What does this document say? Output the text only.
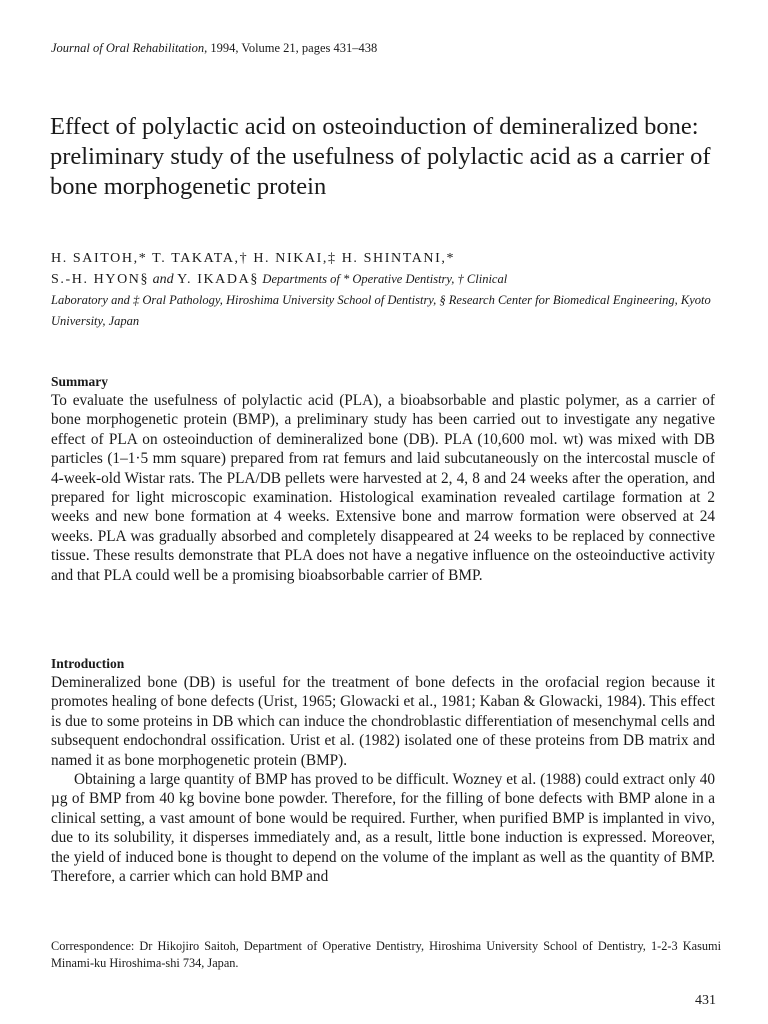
Journal of Oral Rehabilitation, 1994, Volume 21, pages 431–438
Effect of polylactic acid on osteoinduction of demineralized bone: preliminary study of the usefulness of polylactic acid as a carrier of bone morphogenetic protein
H. SAITOH,* T. TAKATA,† H. NIKAI,‡ H. SHINTANI,*
S.-H. HYON§ and Y. IKADA§ Departments of * Operative Dentistry, † Clinical
Laboratory and ‡ Oral Pathology, Hiroshima University School of Dentistry, § Research Center for Biomedical Engineering, Kyoto University, Japan
Summary

To evaluate the usefulness of polylactic acid (PLA), a bioabsorbable and plastic polymer, as a carrier of bone morphogenetic protein (BMP), a preliminary study has been carried out to investigate any negative effect of PLA on osteoinduction of demineralized bone (DB). PLA (10,600 mol. wt) was mixed with DB particles (1–1·5 mm square) prepared from rat femurs and laid subcutaneously on the intercostal muscle of 4-week-old Wistar rats. The PLA/DB pellets were harvested at 2, 4, 8 and 24 weeks after the operation, and prepared for light microscopic examination. Histological examination revealed cartilage formation at 2 weeks and new bone formation at 4 weeks. Extensive bone and marrow formation were observed at 24 weeks. PLA was gradually absorbed and completely disappeared at 24 weeks to be replaced by connective tissue. These results demonstrate that PLA does not have a negative influence on the osteoinductive activity and that PLA could well be a promising bioabsorbable carrier of BMP.

Introduction

Demineralized bone (DB) is useful for the treatment of bone defects in the orofacial region because it promotes healing of bone defects (Urist, 1965; Glowacki et al., 1981; Kaban & Glowacki, 1984). This effect is due to some proteins in DB which can induce the chondroblastic differentiation of mesenchymal cells and subsequent endochondral ossification. Urist et al. (1982) isolated one of these proteins from DB matrix and named it as bone morphogenetic protein (BMP).

Obtaining a large quantity of BMP has proved to be difficult. Wozney et al. (1988) could extract only 40 µg of BMP from 40 kg bovine bone powder. Therefore, for the filling of bone defects with BMP alone in a clinical setting, a vast amount of bone would be required. Further, when purified BMP is implanted in vivo, due to its solubility, it disperses immediately and, as a result, little bone induction is expressed. Moreover, the yield of induced bone is thought to depend on the volume of the implant as well as the quantity of BMP. Therefore, a carrier which can hold BMP and

Correspondence: Dr Hikojiro Saitoh, Department of Operative Dentistry, Hiroshima University School of Dentistry, 1-2-3 Kasumi Minami-ku Hiroshima-shi 734, Japan.
431
